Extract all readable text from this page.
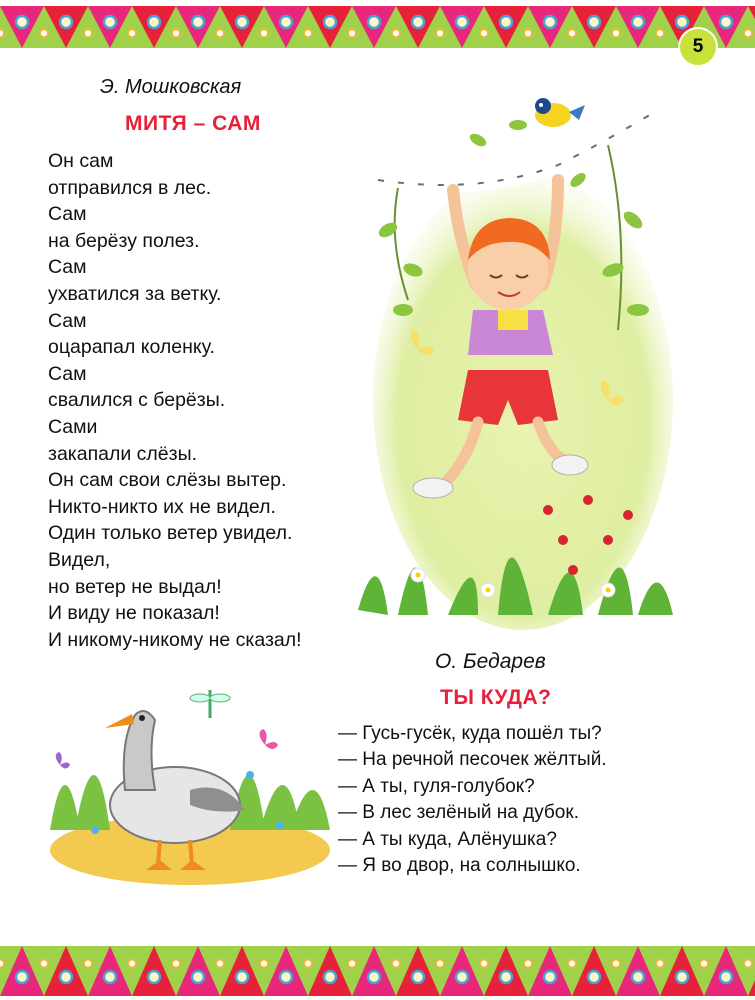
5
Э. Мошковская
МИТЯ – САМ
Он сам
отправился в лес.
Сам
на берёзу полез.
Сам
ухватился за ветку.
Сам
оцарапал коленку.
Сам
свалился с берёзы.
Сами
закапали слёзы.
Он сам свои слёзы вытер.
Никто-никто их не видел.
Один только ветер увидел.
Видел,
но ветер не выдал!
И виду не показал!
И никому-никому не сказал!
О. Бедарев
ТЫ КУДА?
— Гусь-гусёк, куда пошёл ты?
— На речной песочек жёлтый.
— А ты, гуля-голубок?
— В лес зелёный на дубок.
— А ты куда, Алёнушка?
— Я во двор, на солнышко.
